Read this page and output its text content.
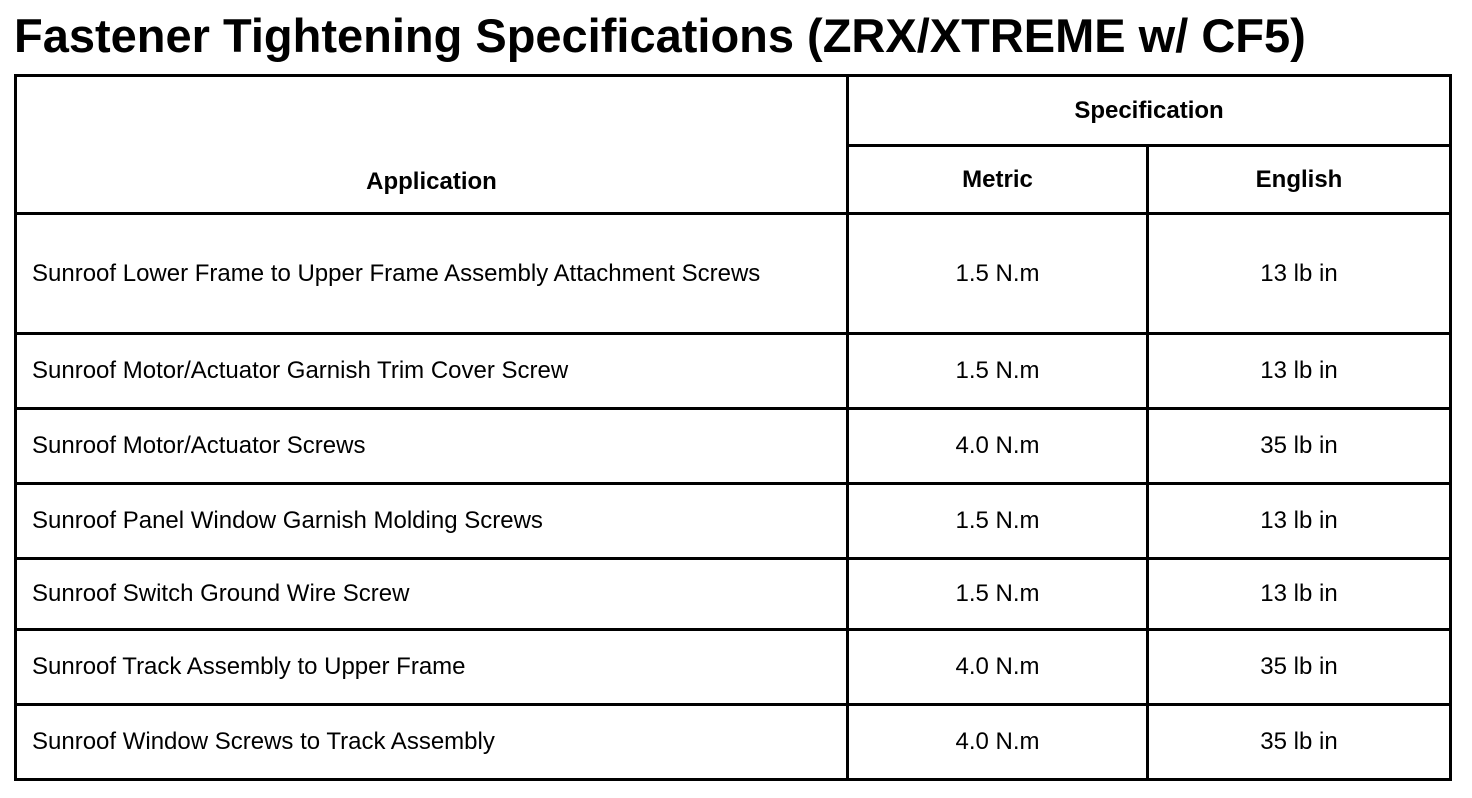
Fastener Tightening Specifications (ZRX/XTREME w/ CF5)
Application	Specification	
	Metric	English
Sunroof Lower Frame to Upper Frame Assembly Attachment Screws	1.5 N.m	13 lb in
Sunroof Motor/Actuator Garnish Trim Cover Screw	1.5 N.m	13 lb in
Sunroof Motor/Actuator Screws	4.0 N.m	35 lb in
Sunroof Panel Window Garnish Molding Screws	1.5 N.m	13 lb in
Sunroof Switch Ground Wire Screw	1.5 N.m	13 lb in
Sunroof Track Assembly to Upper Frame	4.0 N.m	35 lb in
Sunroof Window Screws to Track Assembly	4.0 N.m	35 lb in
